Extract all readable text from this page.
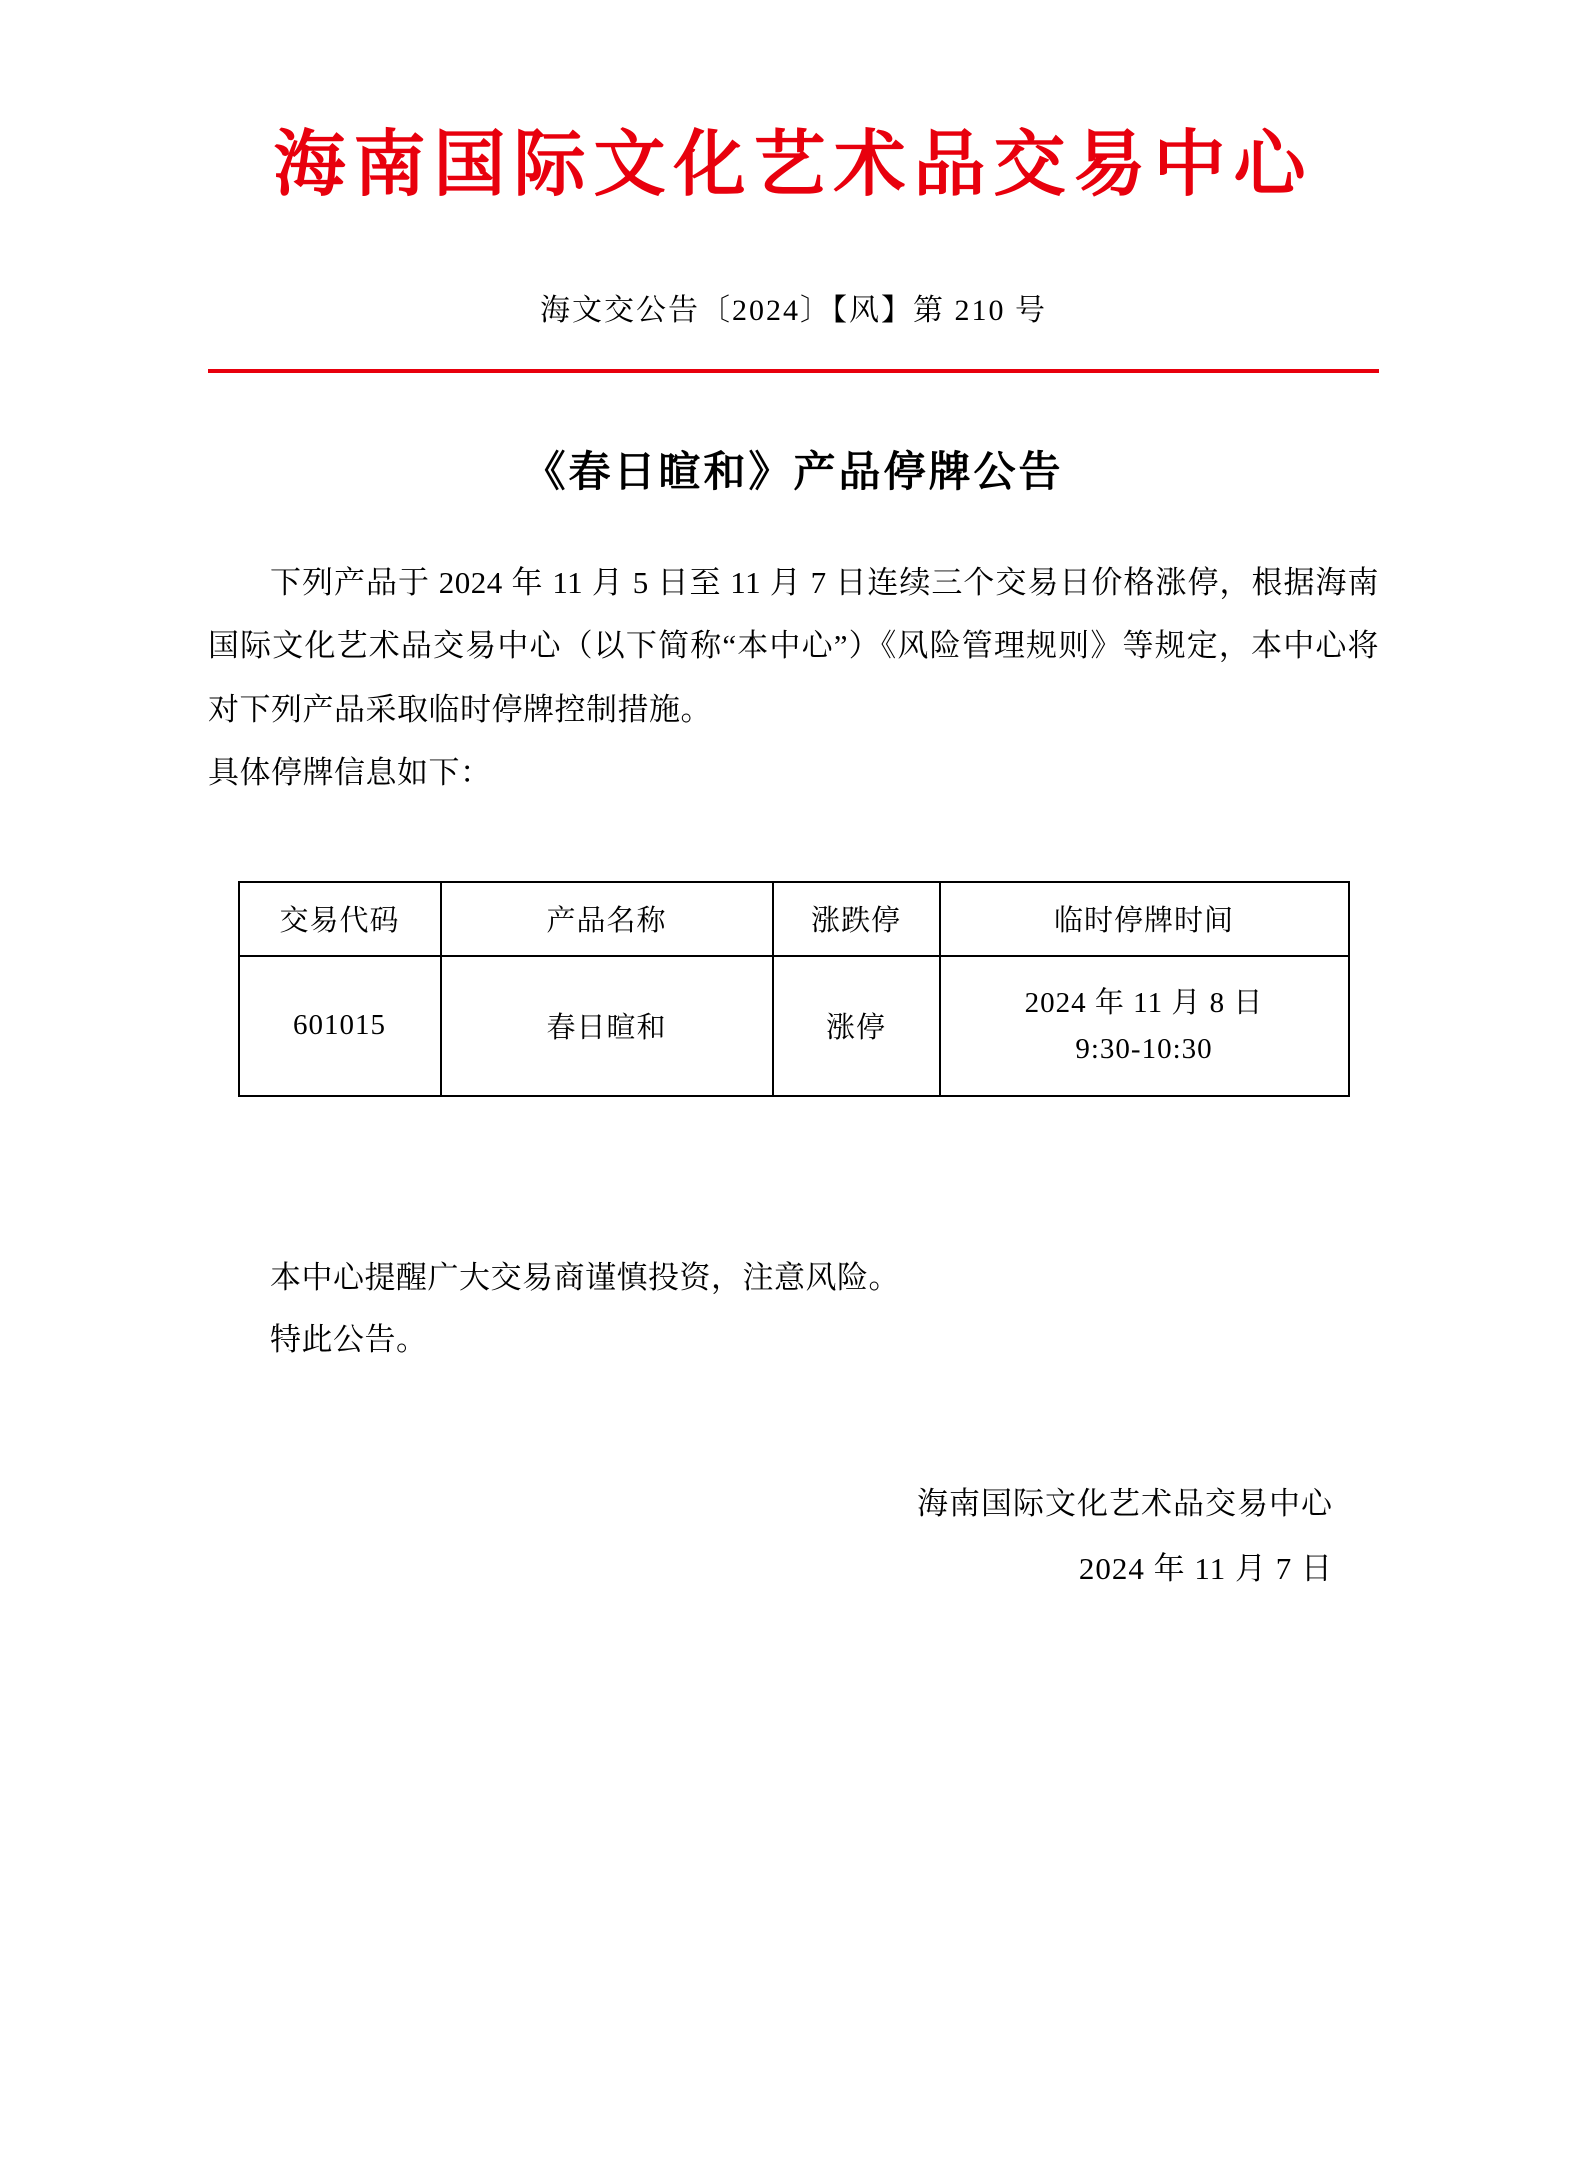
海南国际文化艺术品交易中心
海文交公告〔2024〕【风】第 210 号
《春日暄和》产品停牌公告
下列产品于 2024 年 11 月 5 日至 11 月 7 日连续三个交易日价格涨停，根据海南国际文化艺术品交易中心（以下简称“本中心”）《风险管理规则》等规定，本中心将对下列产品采取临时停牌控制措施。
具体停牌信息如下：
交易代码	产品名称	涨跌停	临时停牌时间
601015	春日暄和	涨停	2024 年 11 月 8 日
9:30-10:30
本中心提醒广大交易商谨慎投资，注意风险。
特此公告。
海南国际文化艺术品交易中心
2024 年 11 月 7 日
